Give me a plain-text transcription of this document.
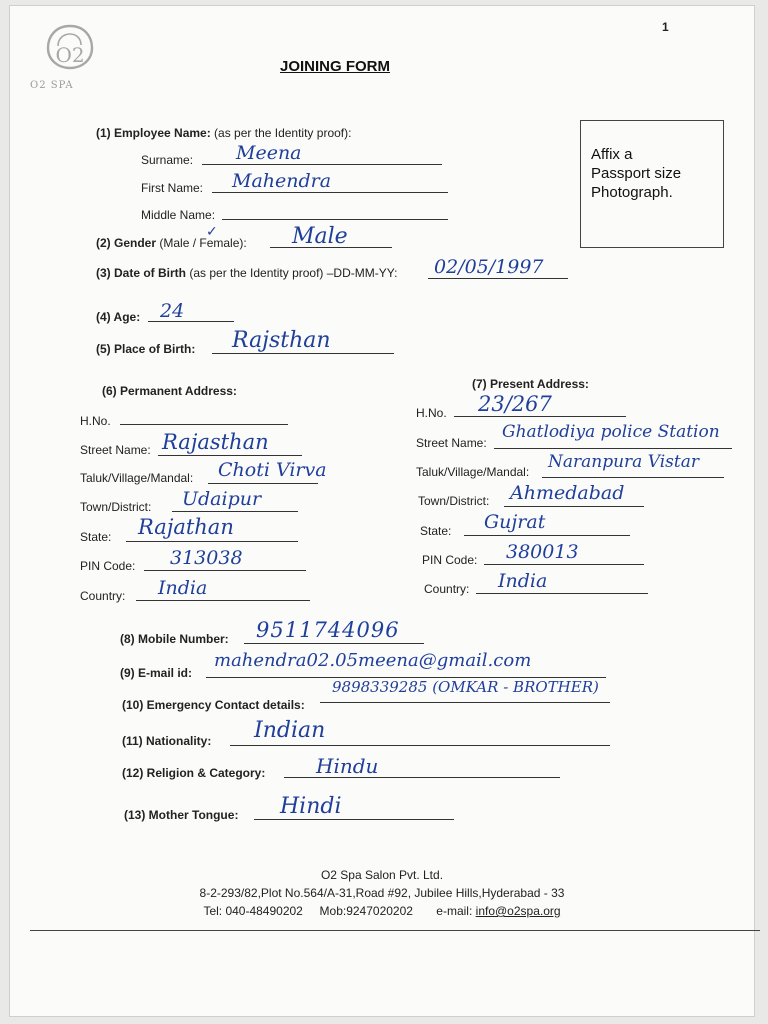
1
O2
O2 SPA
JOINING FORM
Affix a
Passport size
Photograph.
(1) Employee Name: (as per the Identity proof):
Surname: Meena
First Name: Mahendra
Middle Name:
(2) Gender (Male / Female):
✓	Male
(3) Date of Birth (as per the Identity proof) –DD-MM-YY: 02/05/1997
(4) Age: 24
(5) Place of Birth: Rajsthan
(6) Permanent Address:
H.No.
Street Name: Rajasthan
Taluk/Village/Mandal: Choti Virva
Town/District: Udaipur
State: Rajathan
PIN Code: 313038
Country: India
(7) Present Address:
H.No. 23/267
Street Name:
Ghatlodiya police Station
Taluk/Village/Mandal: Naranpura Vistar
Town/District: Ahmedabad
State: Gujrat
PIN Code: 380013
Country: India
(8) Mobile Number: 9511744096
(9) E-mail id:
mahendra02.05meena@gmail.com
(10) Emergency Contact details:
9898339285 (OMKAR - BROTHER)
(11) Nationality: Indian
(12) Religion & Category:	Hindu
(13) Mother Tongue: Hindi
O2 Spa Salon Pvt. Ltd.
8-2-293/82,Plot No.564/A-31,Road #92, Jubilee Hills,Hyderabad - 33
Tel: 040-48490202 Mob:9247020202 e-mail: info@o2spa.org
